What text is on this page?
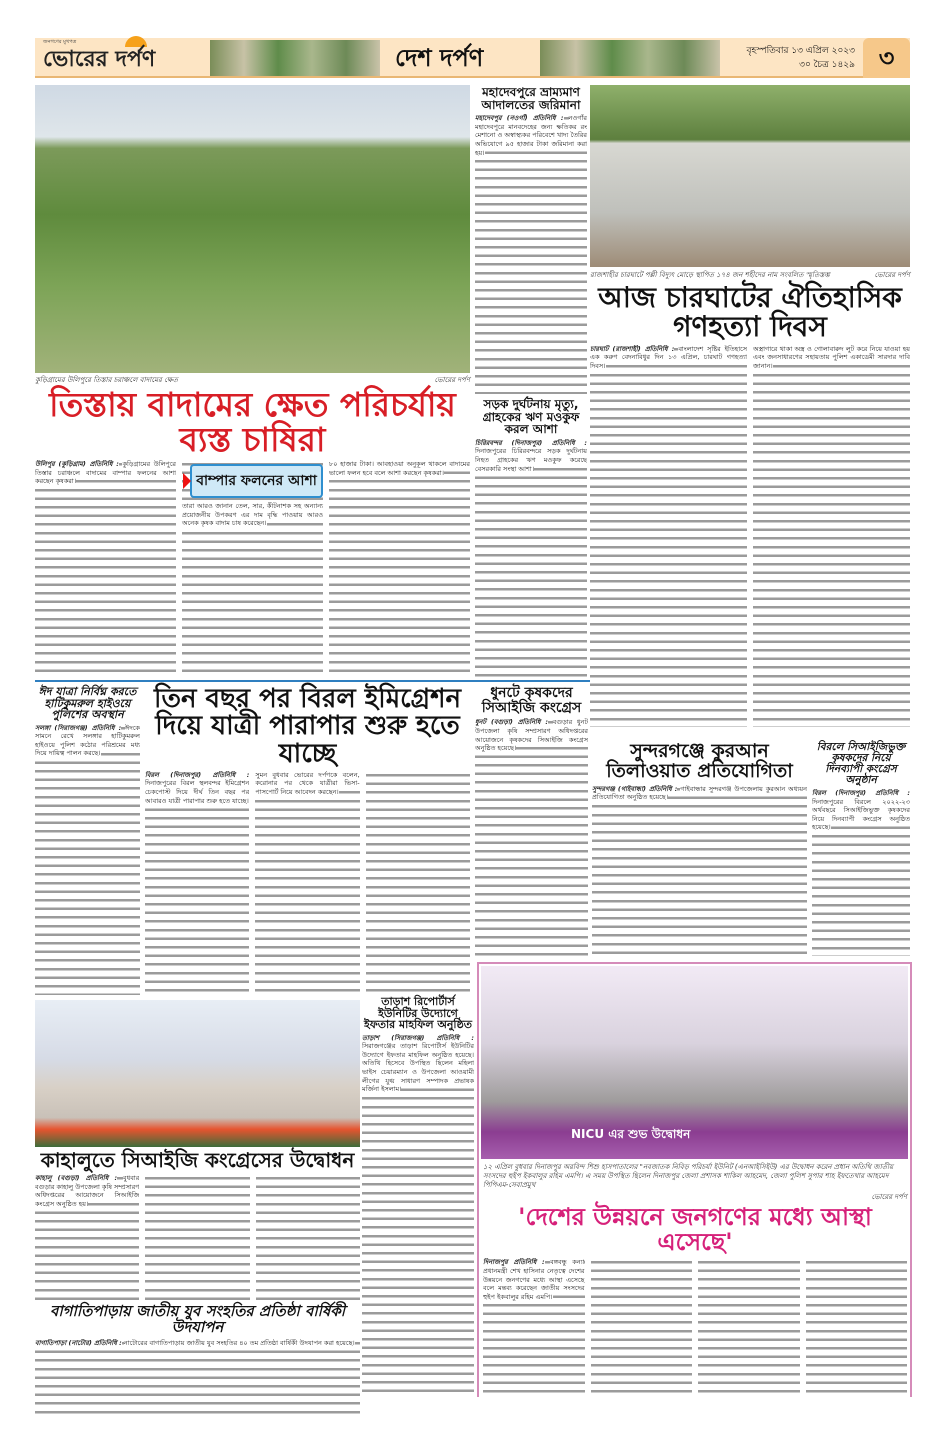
জনগণের মুখপত্র
ভোরের দর্পণ	দেশ দর্পণ	বৃহস্পতিবার ১৩ এপ্রিল ২০২৩
৩০ চৈত্র ১৪২৯ ৩
কুড়িগ্রামের উলিপুরে তিস্তার চরাঞ্চলে বাদামের ক্ষেত	ভোরের দর্পণ
তিস্তায় বাদামের ক্ষেত পরিচর্যায় ব্যস্ত চাষিরা
উলিপুর (কুড়িগ্রাম) প্রতিনিধি : কুড়িগ্রামের উলিপুরে তিস্তার চরাঞ্চলে বাদামের বাম্পার ফলনের আশা করছেন কৃষকরা।	বাম্পার ফলনের আশা
তারা আরও জানান তেল, সার, কীটনাশক সহ অন্যান্য প্রয়োজনীয় উপকরণ এর দাম বৃদ্ধি পাওয়ায় আরও অনেক কৃষক বাদাম চাষ করেছেন।
৮০ হাজার টাকা। আবহাওয়া অনুকূল থাকলে বাদামের ভালো ফলন হবে বলে আশা করছেন কৃষকরা।
মহাদেবপুরে ভ্রাম্যমাণ আদালতের জরিমানা
মহাদেবপুর (নওগাঁ) প্রতিনিধি : নওগাঁর মহাদেবপুরে মানবদেহের জন্য ক্ষতিকর রং মেশানো ও অস্বাস্থ্যকর পরিবেশে খাদ্য তৈরির অভিযোগে ৯৫ হাজার টাকা জরিমানা করা হয়।
সড়ক দুর্ঘটনায় মৃত্যু, গ্রাহকের ঋণ মওকুফ করল আশা
চিরিরবন্দর (দিনাজপুর) প্রতিনিধি : দিনাজপুরের চিরিরবন্দরে সড়ক দুর্ঘটনায় নিহত গ্রাহকের ঋণ মওকুফ করেছে বেসরকারি সংস্থা আশা।
রাজশাহীর চারঘাটে পল্লী বিদ্যুৎ মোড়ে স্থাপিত ১৭৪ জন শহীদের নাম সংবলিত স্মৃতিস্তম্ভ	ভোরের দর্পণ
আজ চারঘাটের ঐতিহাসিক গণহত্যা দিবস
চারঘাট (রাজশাহী) প্রতিনিধি : বাংলাদেশ সৃষ্টির ইতিহাসে এক করুণ বেদনাবিধুর দিন ১৩ এপ্রিল, চারঘাট গণহত্যা দিবস।
অস্ত্রাগারে থাকা অস্ত্র ও গোলাবারুদ লুট করে নিয়ে যাওয়া হয় এবং জনসাধারণের সহায়তায় পুলিশ একাডেমী সারদার দাবি জানান।
ঈদ যাত্রা নির্বিঘ্ন করতে হাটিকুমরুল হাইওয়ে পুলিশের অবস্থান
সলঙ্গা (সিরাজগঞ্জ) প্রতিনিধি : ঈদকে সামনে রেখে সলঙ্গার হাটিকুমরুল হাইওয়ে পুলিশ কঠোর পরিশ্রমের মধ্য দিয়ে দায়িত্ব পালন করছে।
তিন বছর পর বিরল ইমিগ্রেশন দিয়ে যাত্রী পারাপার শুরু হতে যাচ্ছে
বিরল (দিনাজপুর) প্রতিনিধি : দিনাজপুরের বিরল স্থলবন্দর ইমিগ্রেশন চেকপোস্ট দিয়ে দীর্ঘ তিন বছর পর আবারও যাত্রী পারাপার শুরু হতে যাচ্ছে।
সুমন বুধবার ভোরের দর্পণকে বলেন, করোনার পর থেকে যাত্রীরা ভিসা-পাসপোর্ট নিয়ে আবেদন করছেন।
ধুনটে কৃষকদের সিআইজি কংগ্রেস
ধুনট (বগুড়া) প্রতিনিধি : বগুড়ার ধুনট উপজেলা কৃষি সম্প্রসারণ অধিদপ্তরের আয়োজনে কৃষকদের সিআইজি কংগ্রেস অনুষ্ঠিত হয়েছে।	সুন্দরগঞ্জে কুরআন তিলাওয়াত প্রতিযোগিতা
সুন্দরগঞ্জ (গাইবান্ধা) প্রতিনিধি : গাইবান্ধার সুন্দরগঞ্জ উপজেলায় কুরআন অধ্যয়ন প্রতিযোগিতা অনুষ্ঠিত হয়েছে।
বিরলে সিআইজিভুক্ত কৃষকদের নিয়ে দিনব্যাপী কংগ্রেস অনুষ্ঠান
বিরল (দিনাজপুর) প্রতিনিধি : দিনাজপুরের বিরলে ২০২২-২৩ অর্থবছরে সিআইজিভুক্ত কৃষকদের নিয়ে দিনব্যাপী কংগ্রেস অনুষ্ঠিত হয়েছে।
তাড়াশ রিপোর্টার্স ইউনিটির উদ্যোগে ইফতার মাহফিল অনুষ্ঠিত
তাড়াশ (সিরাজগঞ্জ) প্রতিনিধি : সিরাজগঞ্জের তাড়াশ রিপোর্টার্স ইউনিটির উদ্যোগে ইফতার মাহফিল অনুষ্ঠিত হয়েছে। অতিথি হিসেবে উপস্থিত ছিলেন মহিলা ভাইস চেয়ারম্যান ও উপজেলা আওয়ামী লীগের যুগ্ম সাধারণ সম্পাদক প্রভাষক মর্জিনা ইসলাম।
কাহালুতে সিআইজি কংগ্রেসের উদ্বোধন
কাহালু (বগুড়া) প্রতিনিধি : বুধবার বগুড়ার কাহালু উপজেলা কৃষি সম্প্রসারণ অধিদপ্তরের আয়োজনে সিআইজি কংগ্রেস অনুষ্ঠিত হয়।
বাগাতিপাড়ায় জাতীয় যুব সংহতির প্রতিষ্ঠা বার্ষিকী উদযাপন
বাগাতিপাড়া (নাটোর) প্রতিনিধি : নাটোরের বাগাতিপাড়ায় জাতীয় যুব সংহতির ৪০ তম প্রতিষ্ঠা বার্ষিকী উদযাপন করা হয়েছে।
NICU এর শুভ উদ্বোধন
১২ এপ্রিল বুধবার দিনাজপুর অরবিন্দ শিশু হাসপাতালের "নবজাতক নিবিড় পরিচর্যা ইউনিট (এনআইসিইউ) এর উদ্বোধন করেন প্রধান অতিথি জাতীয় সংসদের হুইপ ইকবালুর রহিম এমপি। এ সময় উপস্থিত ছিলেন দিনাজপুর জেলা প্রশাসক শাকিল আহমেদ, জেলা পুলিশ সুপার শাহ ইফতেখার আহমেদ পিপিএম-সেবাপ্রমুখ
ভোরের দর্পণ
'দেশের উন্নয়নে জনগণের মধ্যে আস্থা এসেছে'
দিনাজপুর প্রতিনিধি : বঙ্গবন্ধু কন্যা প্রধানমন্ত্রী শেখ হাসিনার নেতৃত্বে দেশের উন্নয়নে জনগণের মধ্যে আস্থা এসেছে বলে মন্তব্য করেছেন জাতীয় সংসদের হুইপ ইকবালুর রহিম এমপি।
